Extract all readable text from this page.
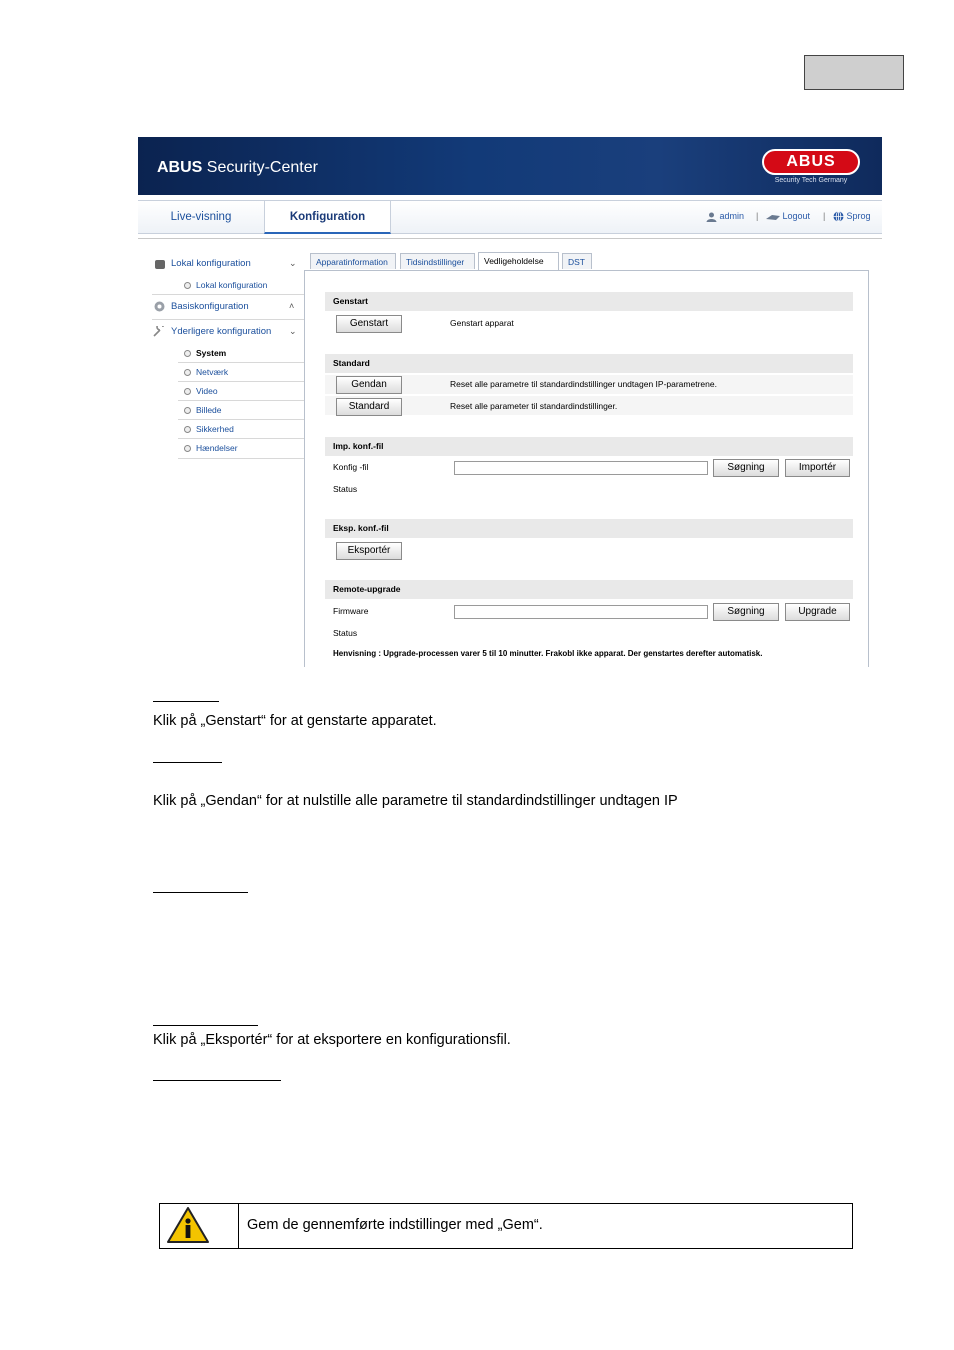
ABUS Security-Center	ABUS
Security Tech Germany
Live-visning	Konfiguration	admin |	Logout |	Sprog
Lokal konfiguration	⌄
Lokal konfiguration
Basiskonfiguration	˄
Yderligere konfiguration ⌄
System
Netværk
Video
Billede
Sikkerhed
Hændelser
Apparatinformation	Tidsindstillinger	Vedligeholdelse	DST
Genstart
Genstart	Genstart apparat
Standard
Gendan	Reset alle parametre til standardindstillinger undtagen IP-parametrene.
Standard	Reset alle parameter til standardindstillinger.
Imp. konf.-fil
Konfig -fil	Søgning	Importér
Status
Eksp. konf.-fil
Eksportér
Remote-upgrade
Firmware	Søgning	Upgrade
Status
Henvisning : Upgrade-processen varer 5 til 10 minutter. Frakobl ikke apparat. Der genstartes derefter automatisk.
Klik på „Genstart“ for at genstarte apparatet.
Klik på „Gendan“ for at nulstille alle parametre til standardindstillinger undtagen IP
Klik på „Eksportér“ for at eksportere en konfigurationsfil.
Gem de gennemførte indstillinger med „Gem“.
